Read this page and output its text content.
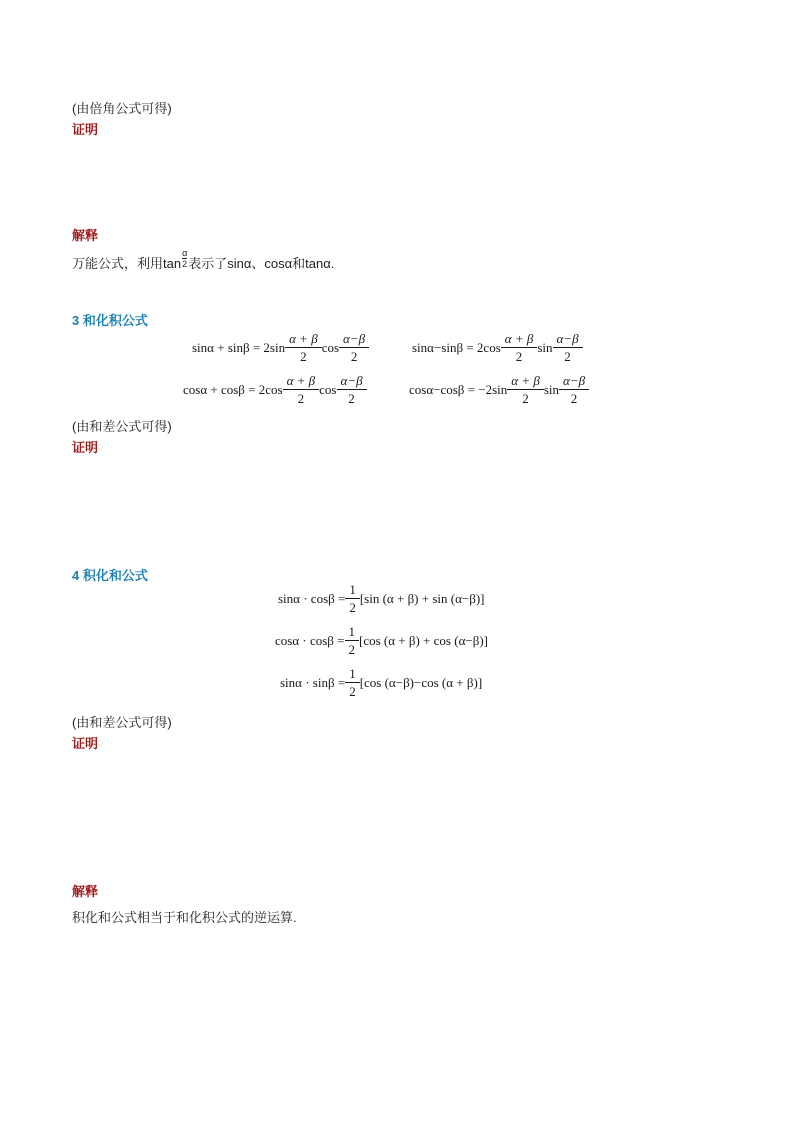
(由倍角公式可得)
证明
解释
万能公式，利用$\tan \frac{\alpha}{2}$ 表示了sinα、cosα和tanα.
3 和化积公式
$\sin\alpha + \sin\beta = 2\sin \frac{\alpha + \beta}{2}$ $\cos \frac{\alpha-\beta}{2}$	$\sin\alpha-\sin\beta = 2\cos \frac{\alpha + \beta}{2}$ $\sin \frac{\alpha-\beta}{2}$
$\cos\alpha + \cos\beta = 2\cos \frac{\alpha + \beta}{2}$ $\cos \frac{\alpha-\beta}{2}$	$\cos\alpha-\cos\beta = -2\sin \frac{\alpha + \beta}{2}$ $\sin \frac{\alpha-\beta}{2}$
(由和差公式可得)
证明
4 积化和公式
$\sin\alpha \cdot \cos\beta = \frac{1}{2} [\sin$ (α + β) + sin (α−β)]
$\cos\alpha \cdot \cos\beta = \frac{1}{2} [\cos$ (α + β) + cos (α−β)]
$\sin\alpha \cdot \sin\beta = \frac{1}{2} [\cos$ (α−β)−cos (α + β)]
(由和差公式可得)
证明
解释
积化和公式相当于和化积公式的逆运算.
